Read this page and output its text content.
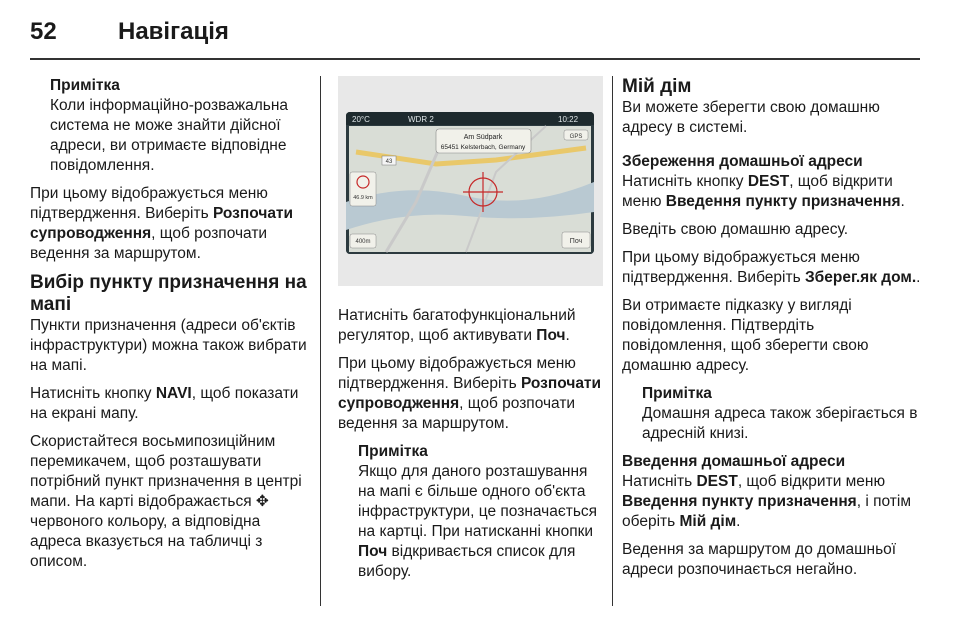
52	Навігація
Примітка
Коли інформаційно-розважальна система не може знайти дійсної адреси, ви отримаєте відповідне повідомлення.

При цьому відображується меню підтвердження. Виберіть Розпочати супроводження, щоб розпочати ведення за маршрутом.

Вибір пункту призначення на мапі

Пункти призначення (адреси об'єктів інфраструктури) можна також вибрати на мапі.

Натисніть кнопку NAVI, щоб показати на екрані мапу.

Скористайтеся восьмипозиційним перемикачем, щоб розташувати потрібний пункт призначення в центрі мапи. На карті відображається ✥ червоного кольору, а відповідна адреса вказується на табличці з описом.

20°C	WDR 2	10:22
Am Südpark
65451 Kelsterbach, Germany
GPS
43
46.9 km
400m	Поч

Натисніть багатофункціональний регулятор, щоб активувати Поч.

При цьому відображується меню підтвердження. Виберіть Розпочати супроводження, щоб розпочати ведення за маршрутом.

Примітка
Якщо для даного розташування на мапі є більше одного об'єкта інфраструктури, це позначається на картці. При натисканні кнопки Поч відкривається список для вибору.
Мій дім

Ви можете зберегти свою домашню адресу в системі.

Збереження домашньої адреси

Натисніть кнопку DEST, щоб відкрити меню Введення пункту призначення.

Введіть свою домашню адресу.

При цьому відображується меню підтвердження. Виберіть Зберег.як дом..

Ви отримаєте підказку у вигляді повідомлення. Підтвердіть повідомлення, щоб зберегти свою домашню адресу.

Примітка
Домашня адреса також зберігається в адресній книзі.
Введення домашньої адреси

Натисніть DEST, щоб відкрити меню Введення пункту призначення, і потім оберіть Мій дім.

Ведення за маршрутом до домашньої адреси розпочинається негайно.
